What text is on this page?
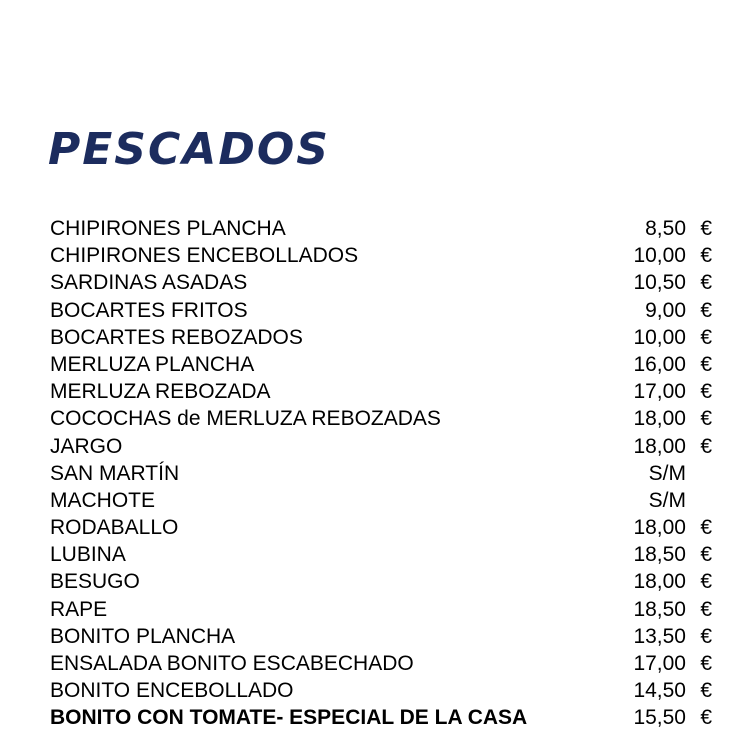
PESCADOS
CHIPIRONES PLANCHA	8,50 €
CHIPIRONES ENCEBOLLADOS	10,00 €
SARDINAS ASADAS	10,50 €
BOCARTES FRITOS	9,00 €
BOCARTES REBOZADOS	10,00 €
MERLUZA PLANCHA	16,00 €
MERLUZA REBOZADA	17,00 €
COCOCHAS de MERLUZA REBOZADAS	18,00 €
JARGO	18,00 €
SAN MARTÍN	S/M
MACHOTE	S/M
RODABALLO	18,00 €
LUBINA	18,50 €
BESUGO	18,00 €
RAPE	18,50 €
BONITO PLANCHA	13,50 €
ENSALADA BONITO ESCABECHADO	17,00 €
BONITO ENCEBOLLADO	14,50 €
BONITO CON TOMATE- ESPECIAL DE LA CASA	15,50 €
